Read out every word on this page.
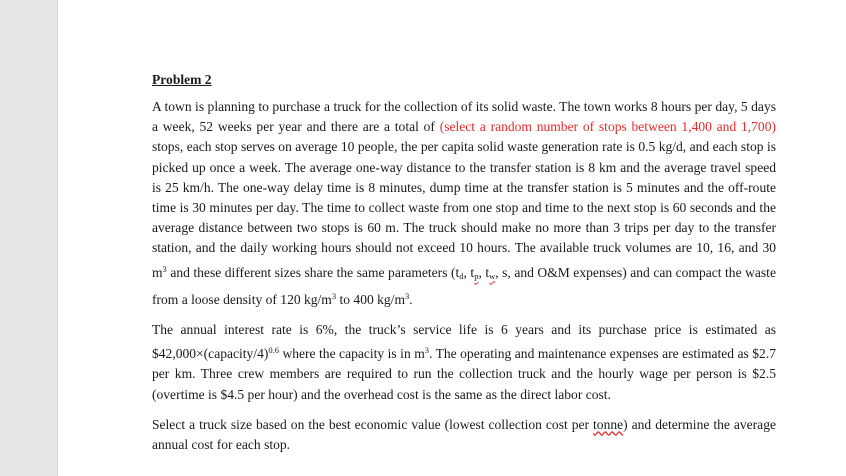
Problem 2

A town is planning to purchase a truck for the collection of its solid waste. The town works 8 hours per day, 5 days a week, 52 weeks per year and there are a total of (select a random number of stops between 1,400 and 1,700) stops, each stop serves on average 10 people, the per capita solid waste generation rate is 0.5 kg/d, and each stop is picked up once a week. The average one-way distance to the transfer station is 8 km and the average travel speed is 25 km/h. The one-way delay time is 8 minutes, dump time at the transfer station is 5 minutes and the off-route time is 30 minutes per day. The time to collect waste from one stop and time to the next stop is 60 seconds and the average distance between two stops is 60 m. The truck should make no more than 3 trips per day to the transfer station, and the daily working hours should not exceed 10 hours. The available truck volumes are 10, 16, and 30 $m^3$ and these different sizes share the same parameters ($t_d$, $t_p$, $t_w$, s, and O&M expenses) and can compact the waste from a loose density of 120 $kg/m^3$ to 400 $kg/m^3$.

The annual interest rate is 6%, the truck’s service life is 6 years and its purchase price is estimated as $42,000×(capacity/4)$^{0.6}$ where the capacity is in $m^3$. The operating and maintenance expenses are estimated as $2.7 per km. Three crew members are required to run the collection truck and the hourly wage per person is $2.5 (overtime is $4.5 per hour) and the overhead cost is the same as the direct labor cost.

Select a truck size based on the best economic value (lowest collection cost per tonne) and determine the average annual cost for each stop.
